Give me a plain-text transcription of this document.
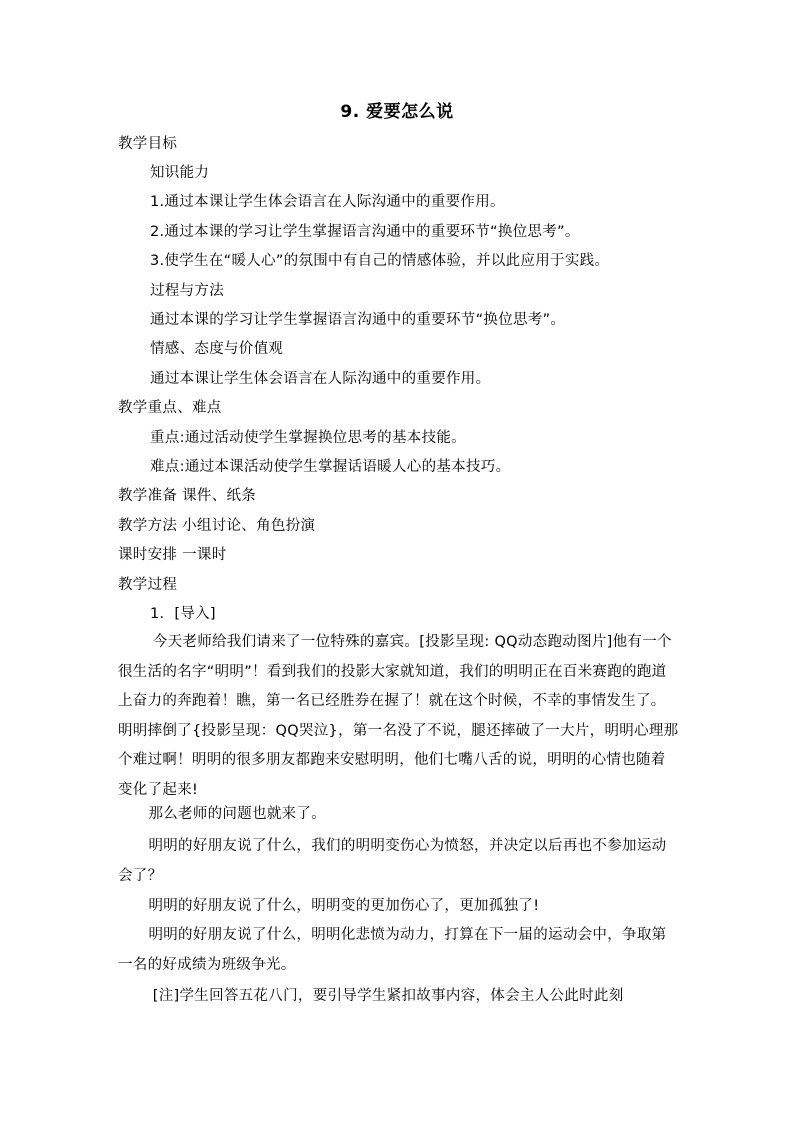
9. 爱要怎么说
教学目标
知识能力
1.通过本课让学生体会语言在人际沟通中的重要作用。
2.通过本课的学习让学生掌握语言沟通中的重要环节“换位思考”。
3.使学生在“暖人心”的氛围中有自己的情感体验，并以此应用于实践。
过程与方法
通过本课的学习让学生掌握语言沟通中的重要环节“换位思考”。
情感、态度与价值观
通过本课让学生体会语言在人际沟通中的重要作用。
教学重点、难点
重点:通过活动使学生掌握换位思考的基本技能。
难点:通过本课活动使学生掌握话语暖人心的基本技巧。
教学准备 课件、纸条
教学方法 小组讨论、角色扮演
课时安排 一课时
教学过程
1．[导入]
今天老师给我们请来了一位特殊的嘉宾。[投影呈现: QQ动态跑动图片]他有一个很生活的名字“明明”！看到我们的投影大家就知道，我们的明明正在百米赛跑的跑道上奋力的奔跑着！瞧，第一名已经胜券在握了！就在这个时候，不幸的事情发生了。明明摔倒了{投影呈现：QQ哭泣}，第一名没了不说，腿还摔破了一大片，明明心理那个难过啊！明明的很多朋友都跑来安慰明明，他们七嘴八舌的说，明明的心情也随着变化了起来!
那么老师的问题也就来了。
明明的好朋友说了什么，我们的明明变伤心为愤怒，并决定以后再也不参加运动会了？
明明的好朋友说了什么，明明变的更加伤心了，更加孤独了!
明明的好朋友说了什么，明明化悲愤为动力，打算在下一届的运动会中，争取第一名的好成绩为班级争光。
[注]学生回答五花八门，要引导学生紧扣故事内容，体会主人公此时此刻
